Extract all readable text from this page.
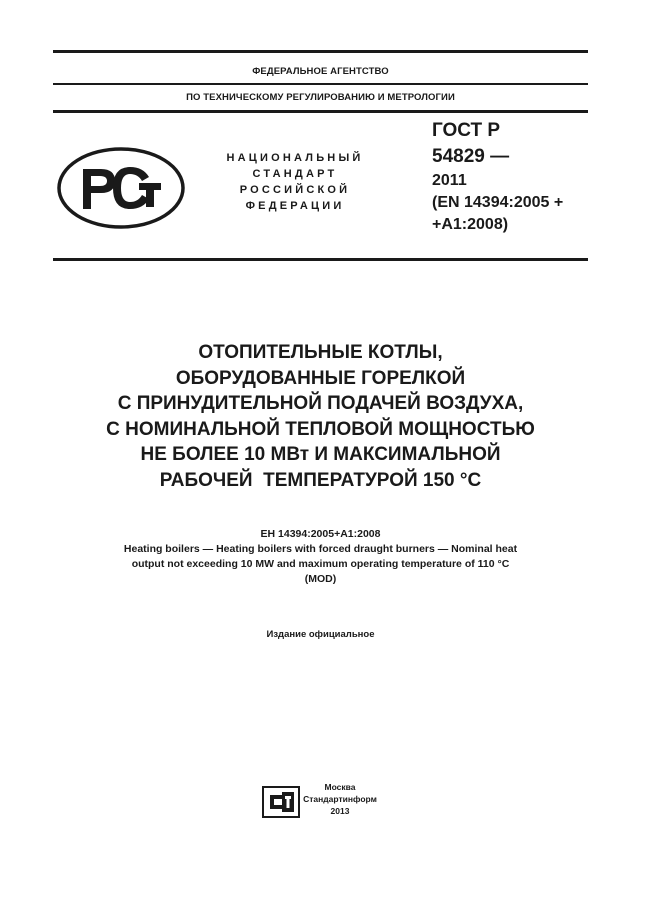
ФЕДЕРАЛЬНОЕ АГЕНТСТВО
ПО ТЕХНИЧЕСКОМУ РЕГУЛИРОВАНИЮ И МЕТРОЛОГИИ
НАЦИОНАЛЬНЫЙ
СТАНДАРТ
РОССИЙСКОЙ
ФЕДЕРАЦИИ
ГОСТ Р
54829 —
2011
(EN 14394:2005 +
+A1:2008)
ОТОПИТЕЛЬНЫЕ КОТЛЫ,
ОБОРУДОВАННЫЕ ГОРЕЛКОЙ
С ПРИНУДИТЕЛЬНОЙ ПОДАЧЕЙ ВОЗДУХА,
С НОМИНАЛЬНОЙ ТЕПЛОВОЙ МОЩНОСТЬЮ
НЕ БОЛЕЕ 10 МВт И МАКСИМАЛЬНОЙ
РАБОЧЕЙ  ТЕМПЕРАТУРОЙ 150 °С
EH 14394:2005+A1:2008
Heating boilers — Heating boilers with forced draught burners — Nominal heat
output not exceeding 10 MW and maximum operating temperature of 110 °C
(MOD)
Издание официальное
Москва
Стандартинформ
2013
